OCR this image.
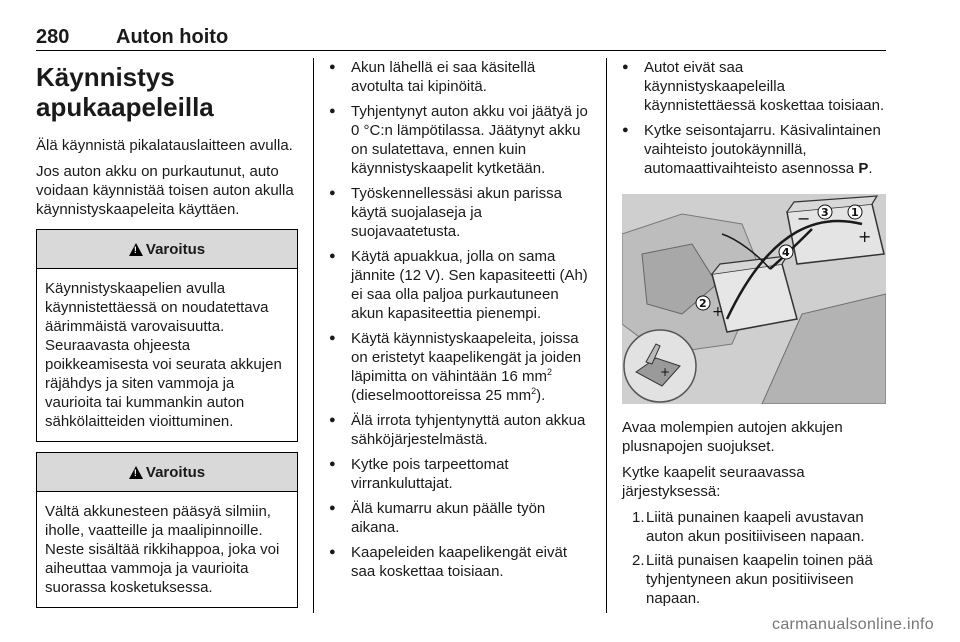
280 Auton hoito
Käynnistys
apukaapeleilla

Älä käynnistä pikalatauslaitteen avulla.

Jos auton akku on purkautunut, auto voidaan käynnistää toisen auton akulla käynnistyskaapeleita käyttäen.

! Varoitus
Käynnistyskaapelien avulla käynnistettäessä on noudatettava äärimmäistä varovaisuutta. Seuraavasta ohjeesta poikkeamisesta voi seurata akkujen räjähdys ja siten vammoja ja vaurioita tai kummankin auton sähkölaitteiden vioittuminen.
! Varoitus
Vältä akkunesteen pääsyä silmiin, iholle, vaatteille ja maalipinnoille. Neste sisältää rikkihappoa, joka voi aiheuttaa vammoja ja vaurioita suorassa kosketuksessa.
● Akun lähellä ei saa käsitellä avotulta tai kipinöitä.
● Tyhjentynyt auton akku voi jäätyä jo 0 °C:n lämpötilassa. Jäätynyt akku on sulatettava, ennen kuin käynnistyskaapelit kytketään.
● Työskennellessäsi akun parissa käytä suojalaseja ja suojavaatetusta.
● Käytä apuakkua, jolla on sama jännite (12 V). Sen kapasiteetti (Ah) ei saa olla paljoa purkautuneen akun kapasiteettia pienempi.
● Käytä käynnistyskaapeleita, joissa on eristetyt kaapelikengät ja joiden läpimitta on vähintään 16 $mm^2$ (dieselmoottoreissa 25 $mm^2$).
● Älä irrota tyhjentynyttä auton akkua sähköjärjestelmästä.
● Kytke pois tarpeettomat virrankuluttajat.
● Älä kumarru akun päälle työn aikana.
● Kaapeleiden kaapelikengät eivät saa koskettaa toisiaan.
● Autot eivät saa käynnistyskaapeleilla käynnistettäessä koskettaa toisiaan.
● Kytke seisontajarru. Käsivalintainen vaihteisto joutokäynnillä, automaattivaihteisto asennossa P.
+
+
+
−	1
2
3
4

Avaa molempien autojen akkujen plusnapojen suojukset.

Kytke kaapelit seuraavassa järjestyksessä:

1. Liitä punainen kaapeli avustavan auton akun positiiviseen napaan.
2. Liitä punaisen kaapelin toinen pää tyhjentyneen akun positiiviseen napaan.
carmanualsonline.info
